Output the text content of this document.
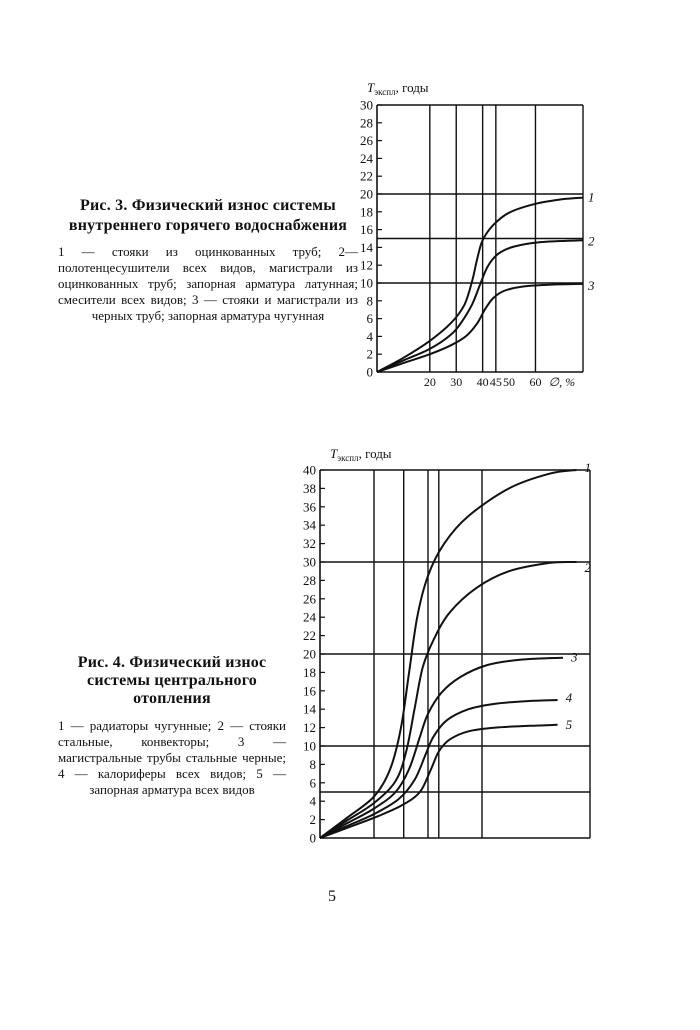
0
2
4
6
8
10
12
14
16
18
20
22
24
26
28
30
20 30 40 45 50 60 ∅, %
$T_{экспл}$, годы
1
2
3
0
2
4
6
8
10
12
14
16
18
20
22
24
26
28
30
32
34
36
38
40
$T_{экспл}$, годы
1
2
3
4
5
Рис. 3. Физический износ системы внутреннего горячего водоснабжения
1 — стояки из оцинкованных труб; 2— полотенцесушители всех видов, магистрали из оцинкованных труб; запорная арматура латунная; смесители всех видов; 3 — стояки и магистрали из черных труб; запорная арматура чугунная
Рис. 4. Физический износ системы центрального отопления
1 — радиаторы чугунные; 2 — стояки стальные, конвекторы; 3 — магистральные трубы стальные черные; 4 — калориферы всех видов; 5 — запорная арматура всех видов
5
